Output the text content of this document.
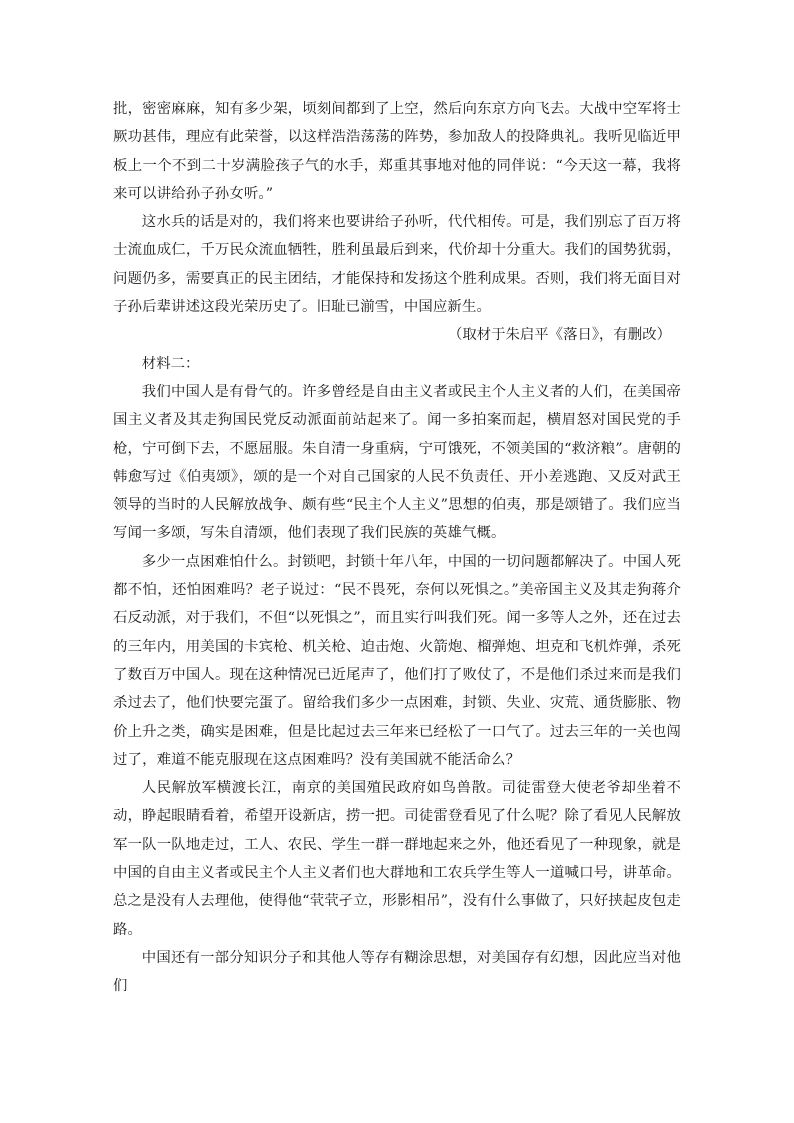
批，密密麻麻，知有多少架，顷刻间都到了上空，然后向东京方向飞去。大战中空军将士厥功甚伟，理应有此荣誉，以这样浩浩荡荡的阵势，参加敌人的投降典礼。我听见临近甲板上一个不到二十岁满脸孩子气的水手，郑重其事地对他的同伴说：“今天这一幕，我将来可以讲给孙子孙女听。”

这水兵的话是对的，我们将来也要讲给子孙听，代代相传。可是，我们别忘了百万将士流血成仁，千万民众流血牺牲，胜利虽最后到来，代价却十分重大。我们的国势犹弱，问题仍多，需要真正的民主团结，才能保持和发扬这个胜利成果。否则，我们将无面目对子孙后辈讲述这段光荣历史了。旧耻已湔雪，中国应新生。

（取材于朱启平《落日》，有删改）

材料二：

我们中国人是有骨气的。许多曾经是自由主义者或民主个人主义者的人们，在美国帝国主义者及其走狗国民党反动派面前站起来了。闻一多拍案而起，横眉怒对国民党的手枪，宁可倒下去，不愿屈服。朱自清一身重病，宁可饿死，不领美国的“救济粮”。唐朝的韩愈写过《伯夷颂》，颂的是一个对自己国家的人民不负责任、开小差逃跑、又反对武王领导的当时的人民解放战争、颇有些“民主个人主义”思想的伯夷，那是颂错了。我们应当写闻一多颂，写朱自清颂，他们表现了我们民族的英雄气概。

多少一点困难怕什么。封锁吧，封锁十年八年，中国的一切问题都解决了。中国人死都不怕，还怕困难吗？老子说过：“民不畏死，奈何以死惧之。”美帝国主义及其走狗蒋介石反动派，对于我们，不但“以死惧之”，而且实行叫我们死。闻一多等人之外，还在过去的三年内，用美国的卡宾枪、机关枪、迫击炮、火箭炮、榴弹炮、坦克和飞机炸弹，杀死了数百万中国人。现在这种情况已近尾声了，他们打了败仗了，不是他们杀过来而是我们杀过去了，他们快要完蛋了。留给我们多少一点困难，封锁、失业、灾荒、通货膨胀、物价上升之类，确实是困难，但是比起过去三年来已经松了一口气了。过去三年的一关也闯过了，难道不能克服现在这点困难吗？没有美国就不能活命么？

人民解放军横渡长江，南京的美国殖民政府如鸟兽散。司徒雷登大使老爷却坐着不动，睁起眼睛看着，希望开设新店，捞一把。司徒雷登看见了什么呢？除了看见人民解放军一队一队地走过，工人、农民、学生一群一群地起来之外，他还看见了一种现象，就是中国的自由主义者或民主个人主义者们也大群地和工农兵学生等人一道喊口号，讲革命。总之是没有人去理他，使得他“茕茕孑立，形影相吊”，没有什么事做了，只好挟起皮包走路。

中国还有一部分知识分子和其他人等存有糊涂思想，对美国存有幻想，因此应当对他们
